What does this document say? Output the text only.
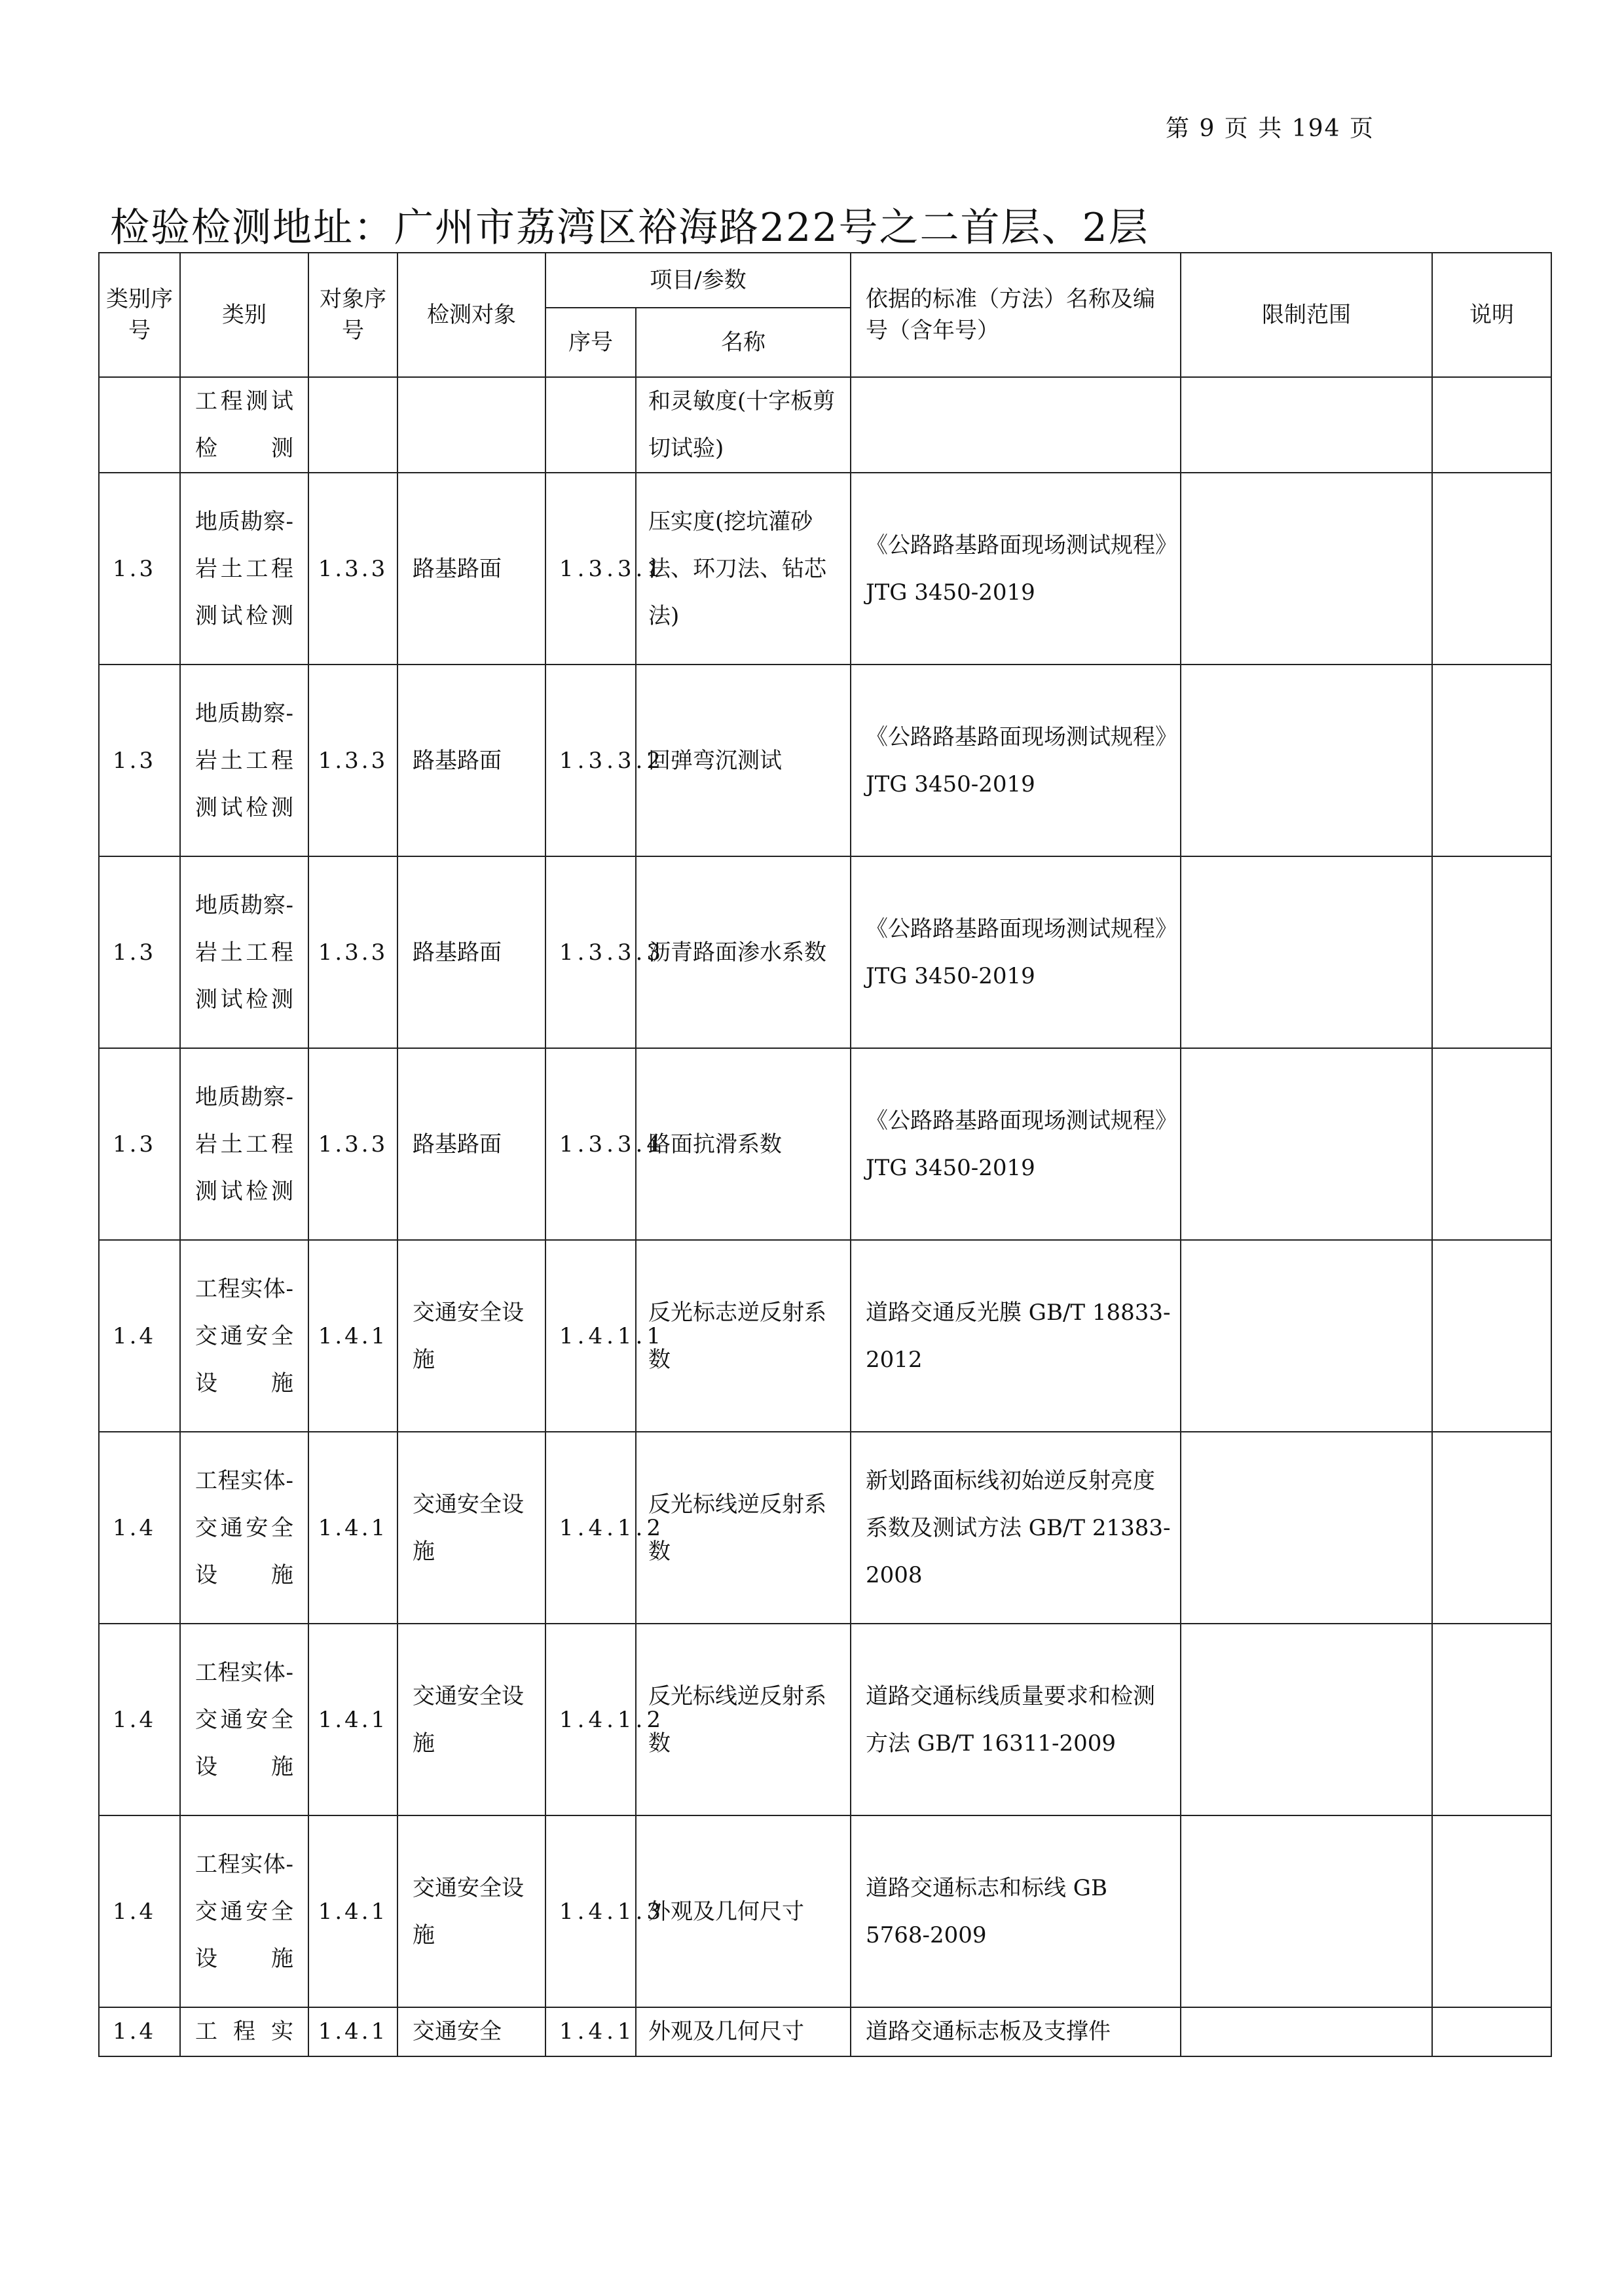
第 9 页 共 194 页
检验检测地址：广州市荔湾区裕海路222号之二首层、2层
类别序号	类别	对象序号	检测对象	项目/参数		依据的标准（方法）名称及编号（含年号）	限制范围	说明
				序号	名称			
	工程测试检测				和灵敏度(十字板剪切试验)			
1.3	地质勘察-岩土工程测试检测	1.3.3	路基路面	1.3.3.1	压实度(挖坑灌砂法、环刀法、钻芯法)	《公路路基路面现场测试规程》JTG 3450-2019		
1.3	地质勘察-岩土工程测试检测	1.3.3	路基路面	1.3.3.2	回弹弯沉测试	《公路路基路面现场测试规程》JTG 3450-2019		
1.3	地质勘察-岩土工程测试检测	1.3.3	路基路面	1.3.3.3	沥青路面渗水系数	《公路路基路面现场测试规程》JTG 3450-2019		
1.3	地质勘察-岩土工程测试检测	1.3.3	路基路面	1.3.3.4	路面抗滑系数	《公路路基路面现场测试规程》JTG 3450-2019		
1.4	工程实体-交通安全设施	1.4.1	交通安全设施	1.4.1.1	反光标志逆反射系数	道路交通反光膜 GB/T 18833-2012		
1.4	工程实体-交通安全设施	1.4.1	交通安全设施	1.4.1.2	反光标线逆反射系数	新划路面标线初始逆反射亮度系数及测试方法 GB/T 21383-2008		
1.4	工程实体-交通安全设施	1.4.1	交通安全设施	1.4.1.2	反光标线逆反射系数	道路交通标线质量要求和检测方法 GB/T 16311-2009		
1.4	工程实体-交通安全设施	1.4.1	交通安全设施	1.4.1.3	外观及几何尺寸	道路交通标志和标线 GB 5768-2009		
1.4	工程实	1.4.1	交通安全	1.4.1	外观及几何尺寸	道路交通标志板及支撑件		
